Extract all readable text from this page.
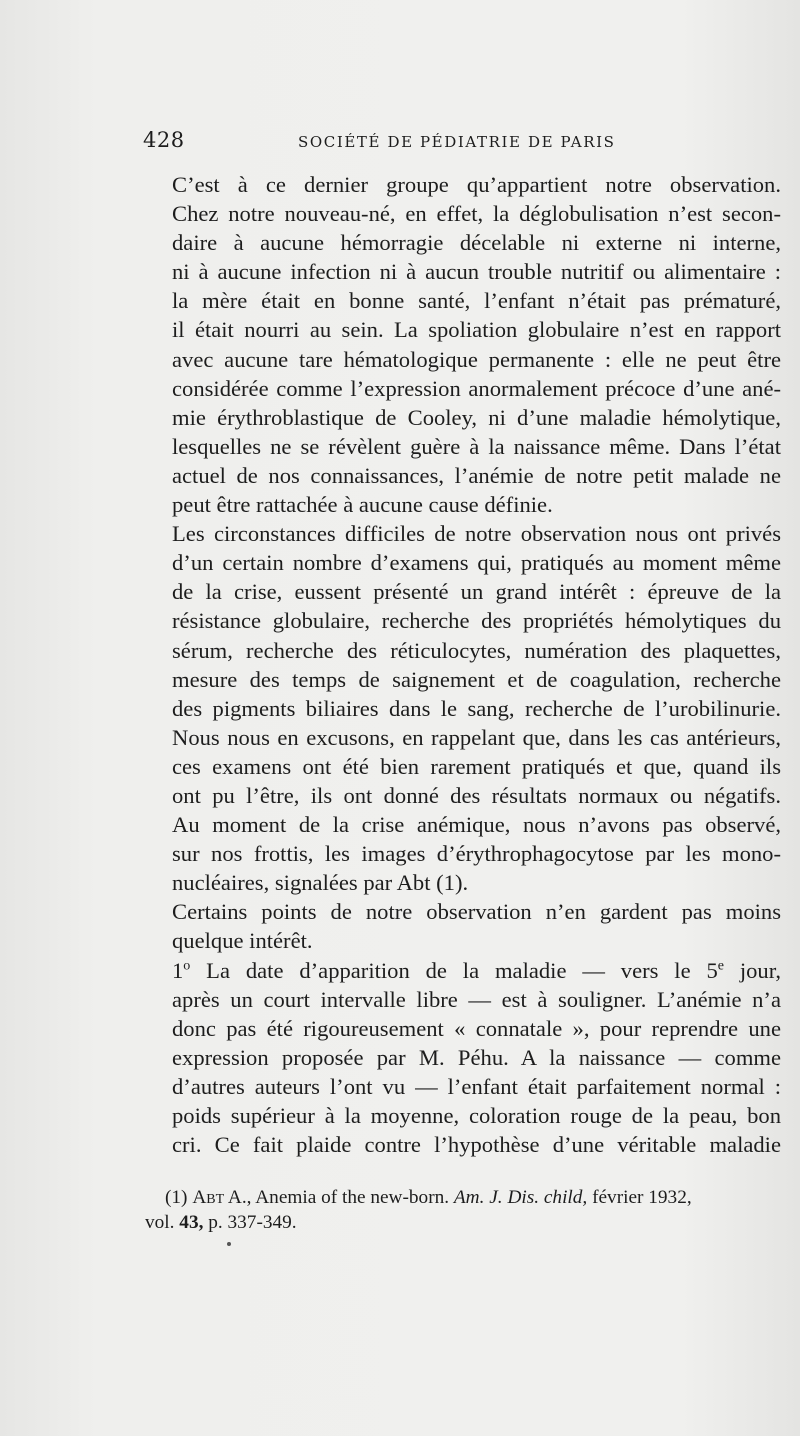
428	SOCIÉTÉ DE PÉDIATRIE DE PARIS
C’est à ce dernier groupe qu’appartient notre observation.
Chez notre nouveau-né, en effet, la déglobulisation n’est secon-
daire à aucune hémorragie décelable ni externe ni interne,
ni à aucune infection ni à aucun trouble nutritif ou alimentaire :
la mère était en bonne santé, l’enfant n’était pas prématuré,
il était nourri au sein. La spoliation globulaire n’est en rapport
avec aucune tare hématologique permanente : elle ne peut être
considérée comme l’expression anormalement précoce d’une ané-
mie érythroblastique de Cooley, ni d’une maladie hémolytique,
lesquelles ne se révèlent guère à la naissance même. Dans l’état
actuel de nos connaissances, l’anémie de notre petit malade ne
peut être rattachée à aucune cause définie.
Les circonstances difficiles de notre observation nous ont privés
d’un certain nombre d’examens qui, pratiqués au moment même
de la crise, eussent présenté un grand intérêt : épreuve de la
résistance globulaire, recherche des propriétés hémolytiques du
sérum, recherche des réticulocytes, numération des plaquettes,
mesure des temps de saignement et de coagulation, recherche
des pigments biliaires dans le sang, recherche de l’urobilinurie.
Nous nous en excusons, en rappelant que, dans les cas antérieurs,
ces examens ont été bien rarement pratiqués et que, quand ils
ont pu l’être, ils ont donné des résultats normaux ou négatifs.
Au moment de la crise anémique, nous n’avons pas observé,
sur nos frottis, les images d’érythrophagocytose par les mono-
nucléaires, signalées par Abt (1).
Certains points de notre observation n’en gardent pas moins
quelque intérêt.
1$^o$ La date d’apparition de la maladie — vers le 5e jour,
après un court intervalle libre — est à souligner. L’anémie n’a
donc pas été rigoureusement « connatale », pour reprendre une
expression proposée par M. Péhu. A la naissance — comme
d’autres auteurs l’ont vu — l’enfant était parfaitement normal :
poids supérieur à la moyenne, coloration rouge de la peau, bon
cri. Ce fait plaide contre l’hypothèse d’une véritable maladie
(1) Abt A., Anemia of the new-born. Am. J. Dis. child, février 1932,
vol. 43, p. 337-349.
